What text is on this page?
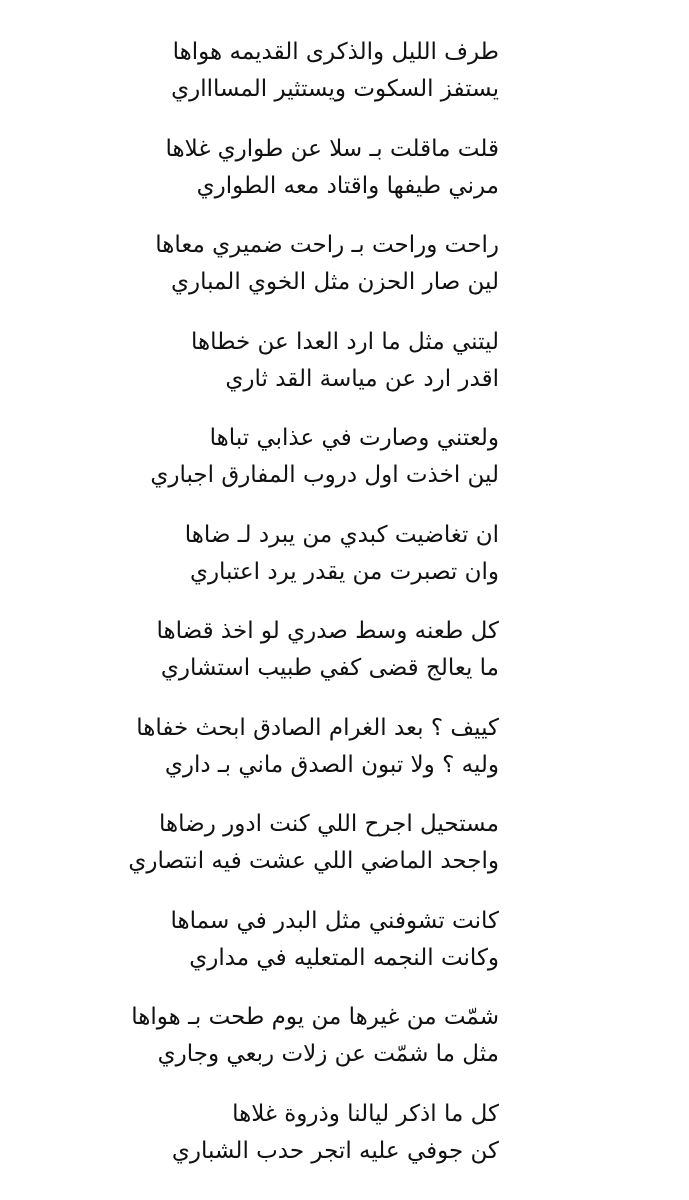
طرف الليل والذكرى القديمه هواها
يستفز السكوت ويستثير المساااري
قلت ماقلت بـ سلا عن طواري غلاها
مرني طيفها واقتاد معه الطواري
راحت وراحت بـ راحت ضميري معاها
لين صار الحزن مثل الخوي المباري
ليتني مثل ما ارد العدا عن خطاها
اقدر ارد عن مياسة القد ثاري
ولعتني وصارت في عذابي تباها
لين اخذت اول دروب المفارق اجباري
ان تغاضيت كبدي من يبرد لـ ضاها
وان تصبرت من يقدر يرد اعتباري
كل طعنه وسط صدري لو اخذ قضاها
ما يعالج قضى كفي طبيب استشاري
كييف ؟ بعد الغرام الصادق ابحث خفاها
وليه ؟ ولا تبون الصدق ماني بـ داري
مستحيل اجرح اللي كنت ادور رضاها
واجحد الماضي اللي عشت فيه انتصاري
كانت تشوفني مثل البدر في سماها
وكانت النجمه المتعليه في مداري
شمّت من غيرها من يوم طحت بـ هواها
مثل ما شمّت عن زلات ربعي وجاري
كل ما اذكر ليالنا وذروة غلاها
كن جوفي عليه اتجر حدب الشباري
